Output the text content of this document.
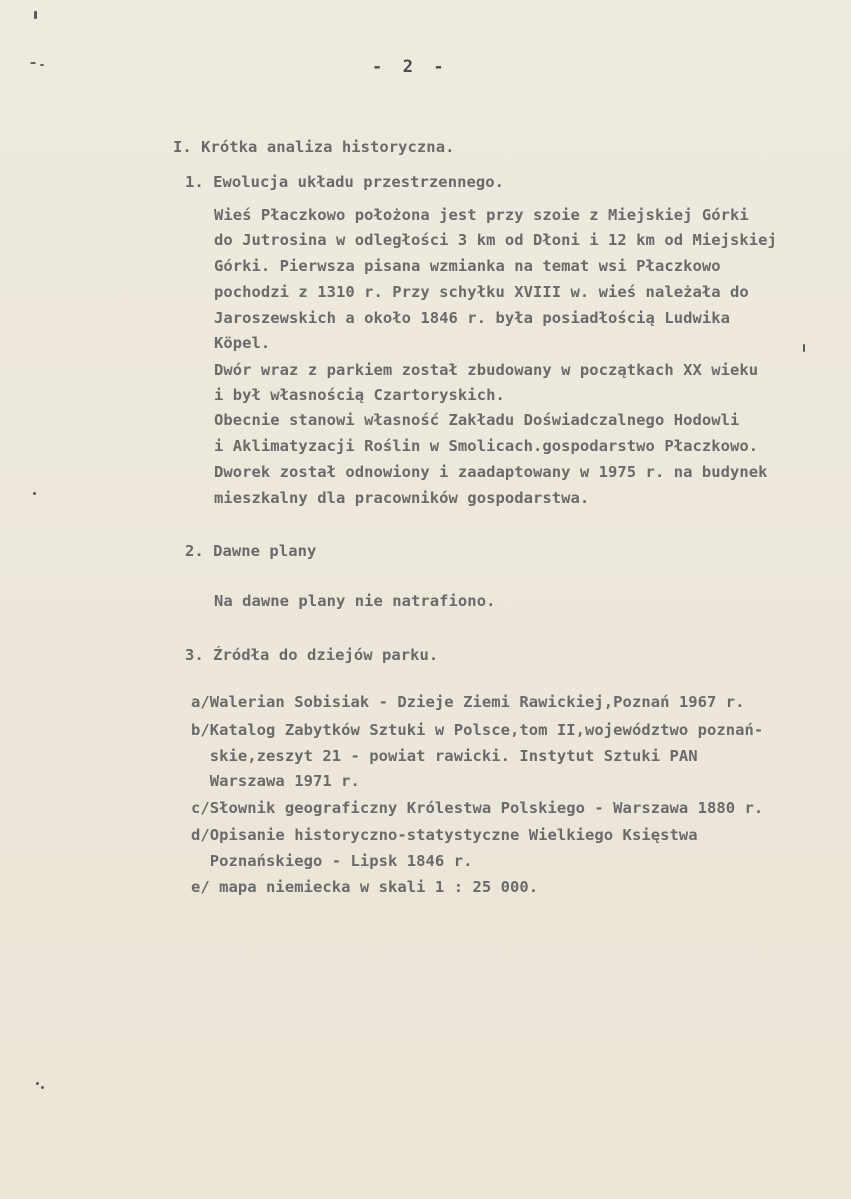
-  2  -
I. Krótka analiza historyczna.
1. Ewolucja układu przestrzennego.
Wieś Płaczkowo położona jest przy szoie z Miejskiej Górki
do Jutrosina w odległości 3 km od Dłoni i 12 km od Miejskiej
Górki. Pierwsza pisana wzmianka na temat wsi Płaczkowo
pochodzi z 1310 r. Przy schyłku XVIII w. wieś należała do
Jaroszewskich a około 1846 r. była posiadłością Ludwika
Köpel.
Dwór wraz z parkiem został zbudowany w początkach XX wieku
i był własnością Czartoryskich.
Obecnie stanowi własność Zakładu Doświadczalnego Hodowli
i Aklimatyzacji Roślin w Smolicach.gospodarstwo Płaczkowo.
Dworek został odnowiony i zaadaptowany w 1975 r. na budynek
mieszkalny dla pracowników gospodarstwa.
2. Dawne plany
Na dawne plany nie natrafiono.
3. Źródła do dziejów parku.
a/Walerian Sobisiak - Dzieje Ziemi Rawickiej,Poznań 1967 r.
b/Katalog Zabytków Sztuki w Polsce,tom II,województwo poznań-
skie,zeszyt 21 - powiat rawicki. Instytut Sztuki PAN
Warszawa 1971 r.
c/Słownik geograficzny Królestwa Polskiego - Warszawa 1880 r.
d/Opisanie historyczno-statystyczne Wielkiego Księstwa
Poznańskiego - Lipsk 1846 r.
e/ mapa niemiecka w skali 1 : 25 000.
